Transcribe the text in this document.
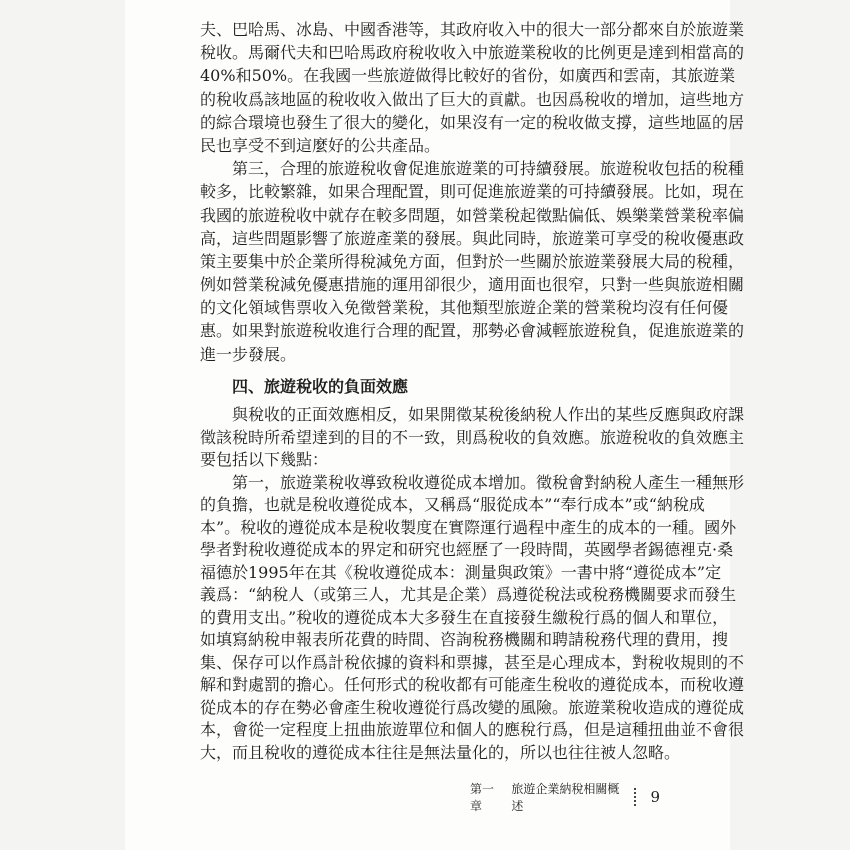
夫、巴哈馬、冰島、中國香港等，其政府收入中的很大一部分都來自於旅遊業
稅收。馬爾代夫和巴哈馬政府稅收收入中旅遊業稅收的比例更是達到相當高的
40%和50%。在我國一些旅遊做得比較好的省份，如廣西和雲南，其旅遊業
的稅收爲該地區的稅收收入做出了巨大的貢獻。也因爲稅收的增加，這些地方
的綜合環境也發生了很大的變化，如果沒有一定的稅收做支撐，這些地區的居
民也享受不到這麼好的公共產品。
第三，合理的旅遊稅收會促進旅遊業的可持續發展。旅遊稅收包括的稅種
較多，比較繁雜，如果合理配置，則可促進旅遊業的可持續發展。比如，現在
我國的旅遊稅收中就存在較多問題，如營業稅起徵點偏低、娛樂業營業稅率偏
高，這些問題影響了旅遊產業的發展。與此同時，旅遊業可享受的稅收優惠政
策主要集中於企業所得稅減免方面，但對於一些關於旅遊業發展大局的稅種，
例如營業稅減免優惠措施的運用卻很少，適用面也很窄，只對一些與旅遊相關
的文化領域售票收入免徵營業稅，其他類型旅遊企業的營業稅均沒有任何優
惠。如果對旅遊稅收進行合理的配置，那勢必會減輕旅遊稅負，促進旅遊業的
進一步發展。
四、旅遊稅收的負面效應
與稅收的正面效應相反，如果開徵某稅後納稅人作出的某些反應與政府課
徵該稅時所希望達到的目的不一致，則爲稅收的負效應。旅遊稅收的負效應主
要包括以下幾點：
第一，旅遊業稅收導致稅收遵從成本增加。徵稅會對納稅人產生一種無形
的負擔，也就是稅收遵從成本，又稱爲“服從成本”“奉行成本”或“納稅成
本”。稅收的遵從成本是稅收製度在實際運行過程中產生的成本的一種。國外
學者對稅收遵從成本的界定和研究也經歷了一段時間，英國學者錫德裡克·桑
福德於1995年在其《稅收遵從成本：測量與政策》一書中將“遵從成本”定
義爲：“納稅人（或第三人，尤其是企業）爲遵從稅法或稅務機關要求而發生
的費用支出。”稅收的遵從成本大多發生在直接發生繳稅行爲的個人和單位，
如填寫納稅申報表所花費的時間、咨詢稅務機關和聘請稅務代理的費用，搜
集、保存可以作爲計稅依據的資料和票據，甚至是心理成本，對稅收規則的不
解和對處罰的擔心。任何形式的稅收都有可能產生稅收的遵從成本，而稅收遵
從成本的存在勢必會產生稅收遵從行爲改變的風險。旅遊業稅收造成的遵從成
本，會從一定程度上扭曲旅遊單位和個人的應稅行爲，但是這種扭曲並不會很
大，而且稅收的遵從成本往往是無法量化的，所以也往往被人忽略。
第一章
旅遊企業納稅相關概述	9
